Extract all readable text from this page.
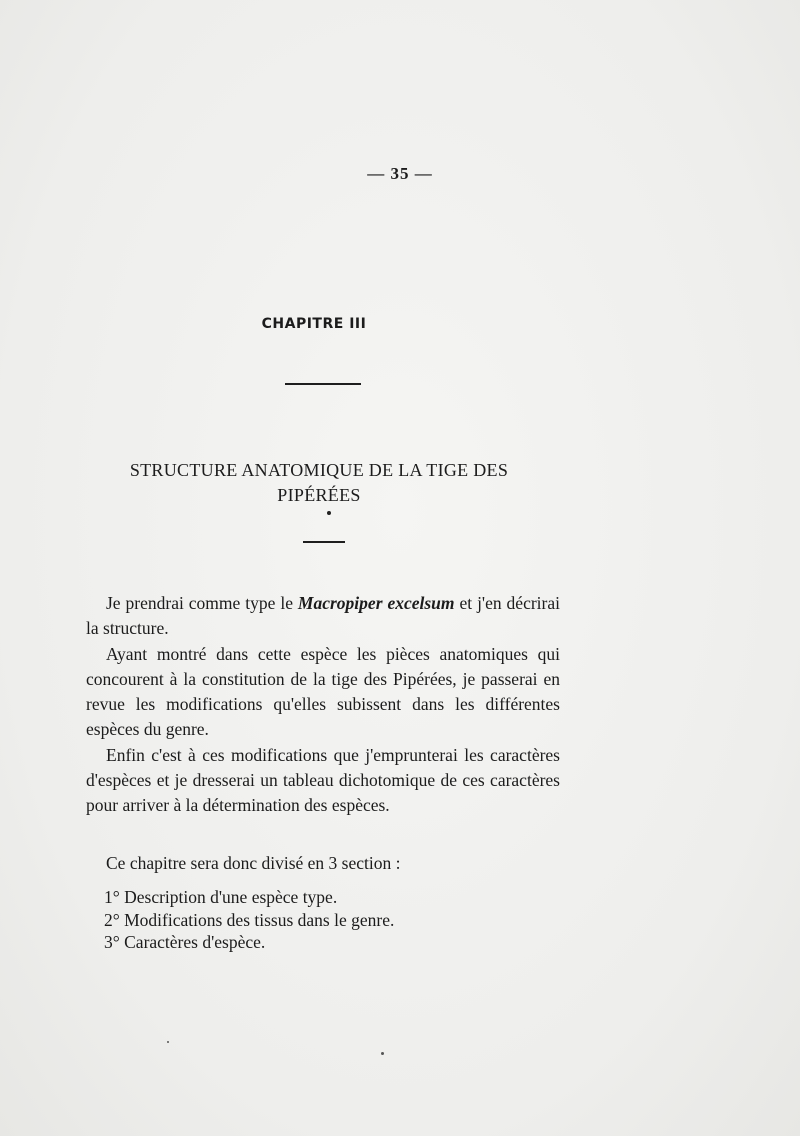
— 35 —
CHAPITRE III
STRUCTURE ANATOMIQUE DE LA TIGE DES PIPÉRÉES

Je prendrai comme type le Macropiper excelsum et j'en décrirai la structure.

Ayant montré dans cette espèce les pièces anatomiques qui concourent à la constitution de la tige des Pipérées, je passerai en revue les modifications qu'elles subissent dans les différentes espèces du genre.

Enfin c'est à ces modifications que j'emprunterai les caractères d'espèces et je dresserai un tableau dichotomique de ces caractères pour arriver à la détermination des espèces.

Ce chapitre sera donc divisé en 3 section :

1° Description d'une espèce type.
2° Modifications des tissus dans le genre.
3° Caractères d'espèce.
